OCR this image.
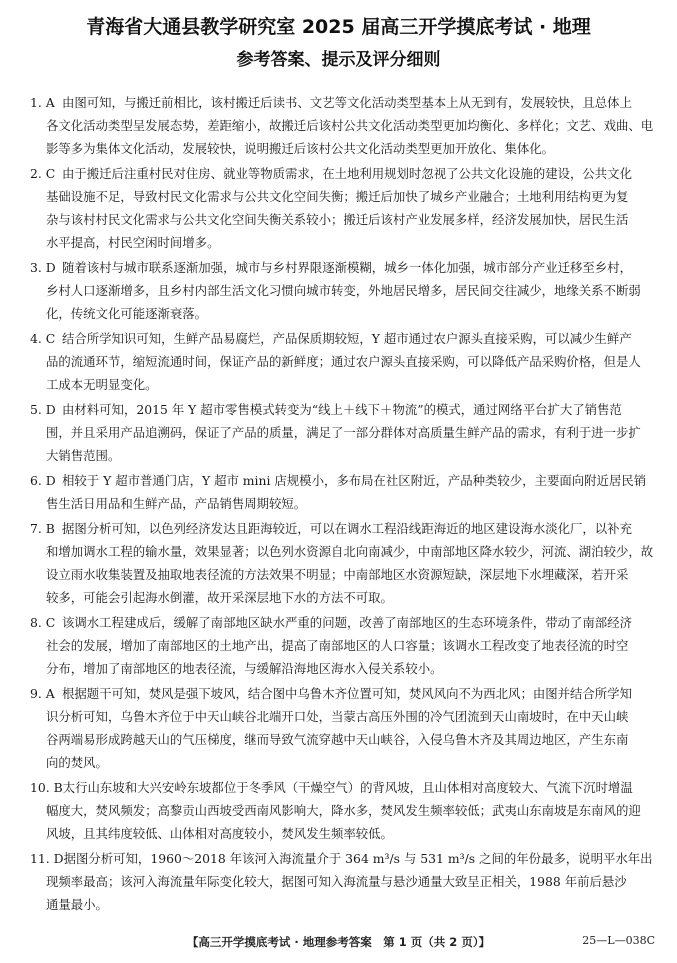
青海省大通县教学研究室 2025 届高三开学摸底考试 · 地理
参考答案、提示及评分细则
1. A 由图可知，与搬迁前相比，该村搬迁后读书、文艺等文化活动类型基本上从无到有，发展较快，且总体上
各文化活动类型呈发展态势，差距缩小，故搬迁后该村公共文化活动类型更加均衡化、多样化；文艺、戏曲、电
影等多为集体文化活动，发展较快，说明搬迁后该村公共文化活动类型更加开放化、集体化。
2. C 由于搬迁后注重村民对住房、就业等物质需求，在土地利用规划时忽视了公共文化设施的建设，公共文化
基础设施不足，导致村民文化需求与公共文化空间失衡；搬迁后加快了城乡产业融合；土地利用结构更为复
杂与该村村民文化需求与公共文化空间失衡关系较小；搬迁后该村产业发展多样，经济发展加快，居民生活
水平提高，村民空闲时间增多。
3. D 随着该村与城市联系逐渐加强，城市与乡村界限逐渐模糊，城乡一体化加强，城市部分产业迁移至乡村，
乡村人口逐渐增多，且乡村内部生活文化习惯向城市转变，外地居民增多，居民间交往减少，地缘关系不断弱
化，传统文化可能逐渐衰落。
4. C 结合所学知识可知，生鲜产品易腐烂，产品保质期较短，Y 超市通过农户源头直接采购，可以减少生鲜产
品的流通环节，缩短流通时间，保证产品的新鲜度；通过农户源头直接采购，可以降低产品采购价格，但是人
工成本无明显变化。
5. D 由材料可知，2015 年 Y 超市零售模式转变为“线上＋线下＋物流”的模式，通过网络平台扩大了销售范
围，并且采用产品追溯码，保证了产品的质量，满足了一部分群体对高质量生鲜产品的需求，有利于进一步扩
大销售范围。
6. D 相较于 Y 超市普通门店，Y 超市 mini 店规模小，多布局在社区附近，产品种类较少，主要面向附近居民销
售生活日用品和生鲜产品，产品销售周期较短。
7. B 据图分析可知，以色列经济发达且距海较近，可以在调水工程沿线距海近的地区建设海水淡化厂，以补充
和增加调水工程的输水量，效果显著；以色列水资源自北向南减少，中南部地区降水较少，河流、湖泊较少，故
设立雨水收集装置及抽取地表径流的方法效果不明显；中南部地区水资源短缺，深层地下水埋藏深，若开采
较多，可能会引起海水倒灌，故开采深层地下水的方法不可取。
8. C 该调水工程建成后，缓解了南部地区缺水严重的问题，改善了南部地区的生态环境条件，带动了南部经济
社会的发展，增加了南部地区的土地产出，提高了南部地区的人口容量；该调水工程改变了地表径流的时空
分布，增加了南部地区的地表径流，与缓解沿海地区海水入侵关系较小。
9. A 根据题干可知，焚风是强下坡风，结合图中乌鲁木齐位置可知，焚风风向不为西北风；由图并结合所学知
识分析可知，乌鲁木齐位于中天山峡谷北端开口处，当蒙古高压外围的冷气团流到天山南坡时，在中天山峡
谷两端易形成跨越天山的气压梯度，继而导致气流穿越中天山峡谷，入侵乌鲁木齐及其周边地区，产生东南
向的焚风。
10. B太行山东坡和大兴安岭东坡都位于冬季风（干燥空气）的背风坡，且山体相对高度较大、气流下沉时增温
幅度大，焚风频发；高黎贡山西坡受西南风影响大，降水多，焚风发生频率较低；武夷山东南坡是东南风的迎
风坡，且其纬度较低、山体相对高度较小，焚风发生频率较低。
11. D据图分析可知，1960～2018 年该河入海流量介于 364 m³/s 与 531 m³/s 之间的年份最多，说明平水年出
现频率最高；该河入海流量年际变化较大，据图可知入海流量与悬沙通量大致呈正相关，1988 年前后悬沙
通量最小。
【高三开学摸底考试 · 地理参考答案　第 1 页（共 2 页）】	25—L—038C
